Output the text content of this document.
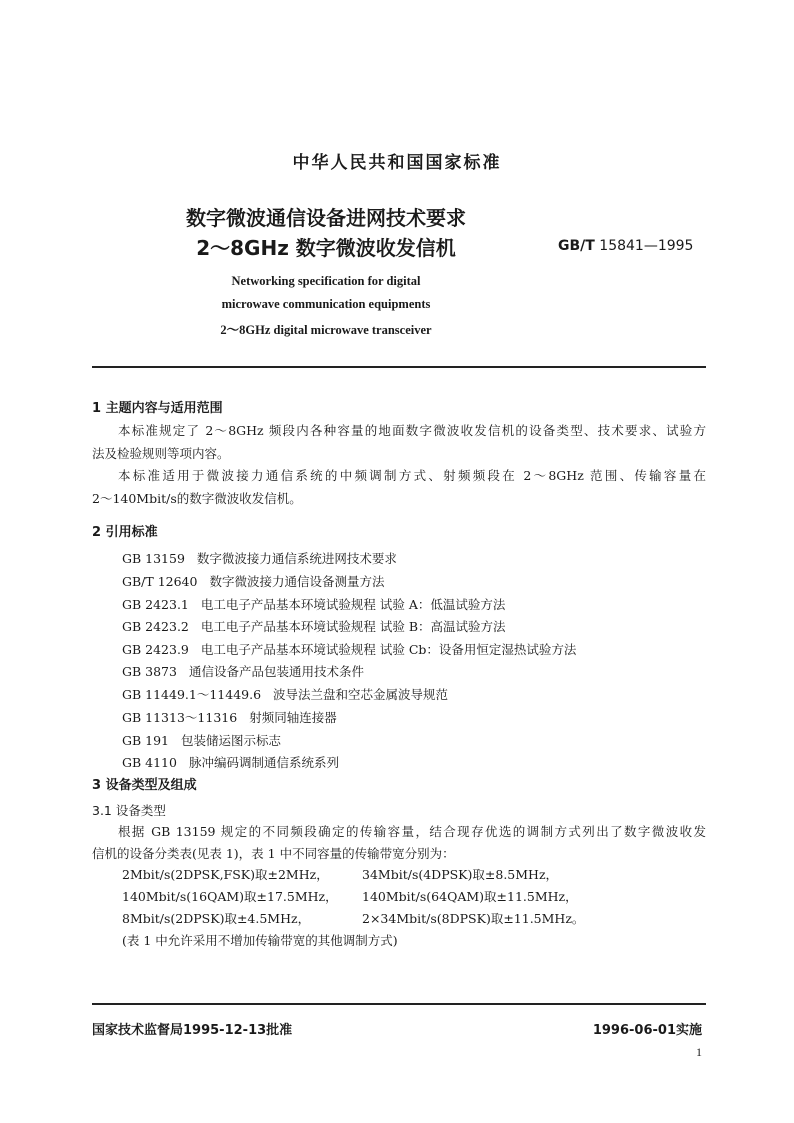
中华人民共和国国家标准
数字微波通信设备进网技术要求
2～8GHz 数字微波收发信机	GB/T 15841—1995
Networking specification for digital
microwave communication equipments
2～8GHz digital microwave transceiver
1 主题内容与适用范围
本标准规定了 2～8GHz 频段内各种容量的地面数字微波收发信机的设备类型、技术要求、试验方
法及检验规则等项内容。
本标准适用于微波接力通信系统的中频调制方式、射频频段在 2～8GHz 范围、传输容量在
2～140Mbit/s的数字微波收发信机。
2 引用标准
GB 13159 数字微波接力通信系统进网技术要求
GB/T 12640 数字微波接力通信设备测量方法
GB 2423.1 电工电子产品基本环境试验规程 试验 A：低温试验方法
GB 2423.2 电工电子产品基本环境试验规程 试验 B：高温试验方法
GB 2423.9 电工电子产品基本环境试验规程 试验 Cb：设备用恒定湿热试验方法
GB 3873 通信设备产品包装通用技术条件
GB 11449.1～11449.6 波导法兰盘和空芯金属波导规范
GB 11313～11316 射频同轴连接器
GB 191 包装储运图示标志
GB 4110 脉冲编码调制通信系统系列
3 设备类型及组成
3.1 设备类型
根据 GB 13159 规定的不同频段确定的传输容量，结合现存优选的调制方式列出了数字微波收发
信机的设备分类表(见表 1)，表 1 中不同容量的传输带宽分别为：
2Mbit/s(2DPSK,FSK)取±2MHz，	34Mbit/s(4DPSK)取±8.5MHz，
140Mbit/s(16QAM)取±17.5MHz， 140Mbit/s(64QAM)取±11.5MHz，
8Mbit/s(2DPSK)取±4.5MHz，	2×34Mbit/s(8DPSK)取±11.5MHz。
(表 1 中允许采用不增加传输带宽的其他调制方式)
国家技术监督局1995-12-13批准	1996-06-01实施
1
